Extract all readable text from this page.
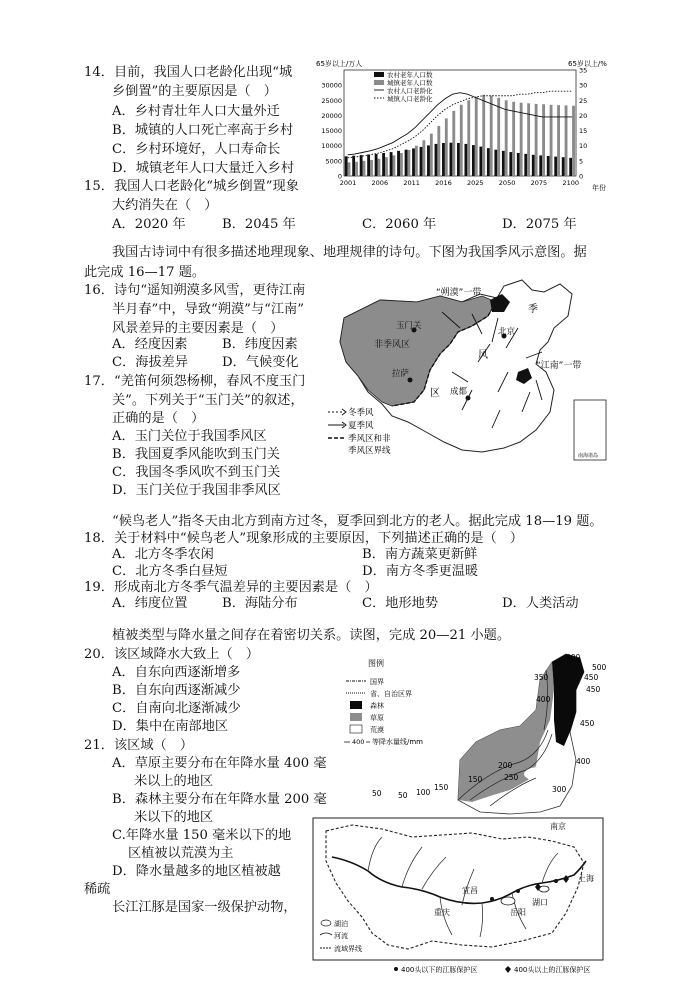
14．目前，我国人口老龄化出现“城
乡倒置”的主要原因是（　）
A．乡村青壮年人口大量外迁
B．城镇的人口死亡率高于乡村
C．乡村环境好，人口寿命长
D．城镇老年人口大量迁入乡村
15．我国人口老龄化“城乡倒置”现象
大约消失在（　）
A．2020 年	B．2045 年	C．2060 年	D．2075 年
65岁以上/万人	65岁以上/%
0
5000
10000
15000
20000
25000
30000
0
5
10
15
20
25
30
35
2001 2006 2011 2016 2025 2050 2075 2100
农村老年人口数
城镇老年人口数
农村人口老龄化
城镇人口老龄化
年份
我国古诗词中有很多描述地理现象、地理规律的诗句。下图为我国季风示意图。据
此完成 16—17 题。
16．诗句“遥知朔漠多风雪，更待江南
半月春”中，导致“朔漠”与“江南”
风景差异的主要因素是（　）
A．经度因素	B．纬度因素
C．海拔差异	D．气候变化
17．“羌笛何须怨杨柳，春风不度玉门
关”。下列关于“玉门关”的叙述，
正确的是（　）
A．玉门关位于我国季风区
B．我国夏季风能吹到玉门关
C．我国冬季风吹不到玉门关
D．玉门关位于我国非季风区
“朔漠”一带
季
玉门关
非季风区
北京
风
“江南”一带
拉萨
区 成都
冬季风
夏季风
季风区和非
季风区界线	南海诸岛
“候鸟老人”指冬天由北方到南方过冬，夏季回到北方的老人。据此完成 18—19 题。
18．关于材料中“候鸟老人”现象形成的主要原因，下列描述正确的是（　）
A．北方冬季农闲	B．南方蔬菜更新鲜
C．北方冬季白昼短	D．南方冬季更温暖
19．形成南北方冬季气温差异的主要因素是（　）
A．纬度位置	B．海陆分布	C．地形地势	D．人类活动
植被类型与降水量之间存在着密切关系。读图，完成 20—21 小题。
20．该区域降水大致上（　）
A．自东向西逐渐增多
B．自东向西逐渐减少
C．自南向北逐渐减少
D．集中在南部地区
21．该区域（　）
A．草原主要分布在年降水量 400 毫
米以上的地区
B．森林主要分布在年降水量 200 毫
米以下的地区
C.年降水量 150 毫米以下的地
区植被以荒漠为主
D．降水量越多的地区植被越
稀疏
长江江豚是国家一级保护动物，
400
450
500
350
450
450
400
400
300
250
200
150
150
100
50
50
图例
国界
省、自治区界
森林
草原
荒漠
400 等降水量线/mm
南京
上海
宜昌
岳阳
湖口
重庆
湖泊
河流
流域界线
400头以下的江豚保护区	400头以上的江豚保护区
